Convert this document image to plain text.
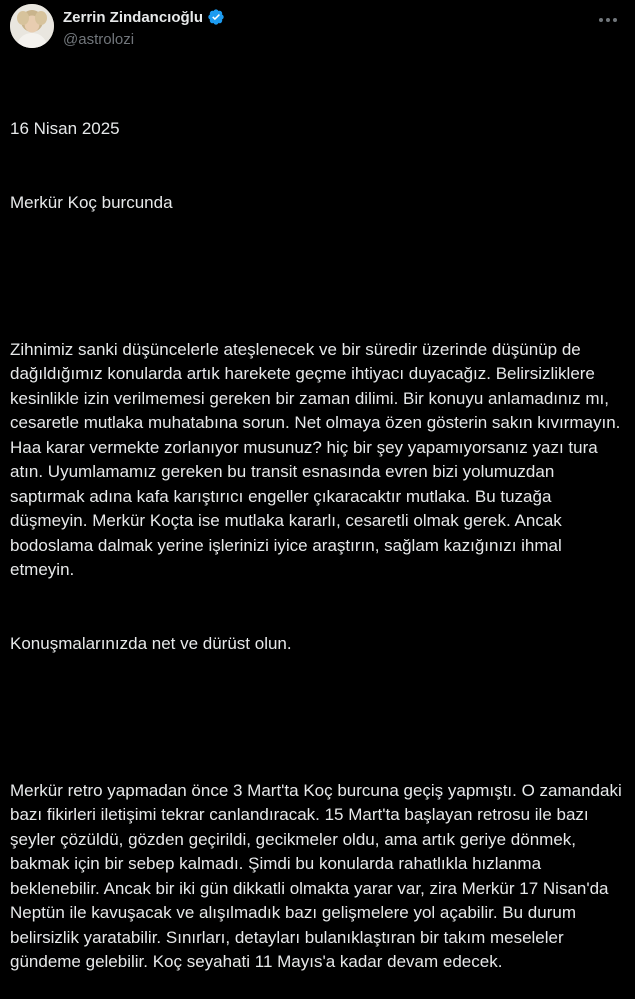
Zerrin Zindancıoğlu
@astrolozi

16 Nisan 2025

Merkür Koç burcunda

Zihnimiz sanki düşüncelerle ateşlenecek ve bir süredir üzerinde düşünüp de dağıldığımız konularda artık harekete geçme ihtiyacı duyacağız. Belirsizliklere kesinlikle izin verilmemesi gereken bir zaman dilimi. Bir konuyu anlamadınız mı, cesaretle mutlaka muhatabına sorun. Net olmaya özen gösterin sakın kıvırmayın. Haa karar vermekte zorlanıyor musunuz? hiç bir şey yapamıyorsanız yazı tura atın. Uyumlamamız gereken bu transit esnasında evren bizi yolumuzdan saptırmak adına kafa karıştırıcı engeller çıkaracaktır mutlaka. Bu tuzağa düşmeyin. Merkür Koçta ise mutlaka kararlı, cesaretli olmak gerek. Ancak bodoslama dalmak yerine işlerinizi iyice araştırın, sağlam kazığınızı ihmal etmeyin.

Konuşmalarınızda net ve dürüst olun.

Merkür retro yapmadan önce 3 Mart'ta Koç burcuna geçiş yapmıştı. O zamandaki bazı fikirleri iletişimi tekrar canlandıracak. 15 Mart'ta başlayan retrosu ile bazı şeyler çözüldü, gözden geçirildi, gecikmeler oldu, ama artık geriye dönmek, bakmak için bir sebep kalmadı. Şimdi bu konularda rahatlıkla hızlanma beklenebilir. Ancak bir iki gün dikkatli olmakta yarar var, zira Merkür 17 Nisan'da Neptün ile kavuşacak ve alışılmadık bazı gelişmelere yol açabilir. Bu durum belirsizlik yaratabilir. Sınırları, detayları bulanıklaştıran bir takım meseleler gündeme gelebilir. Koç seyahati 11 Mayıs'a kadar devam edecek.
